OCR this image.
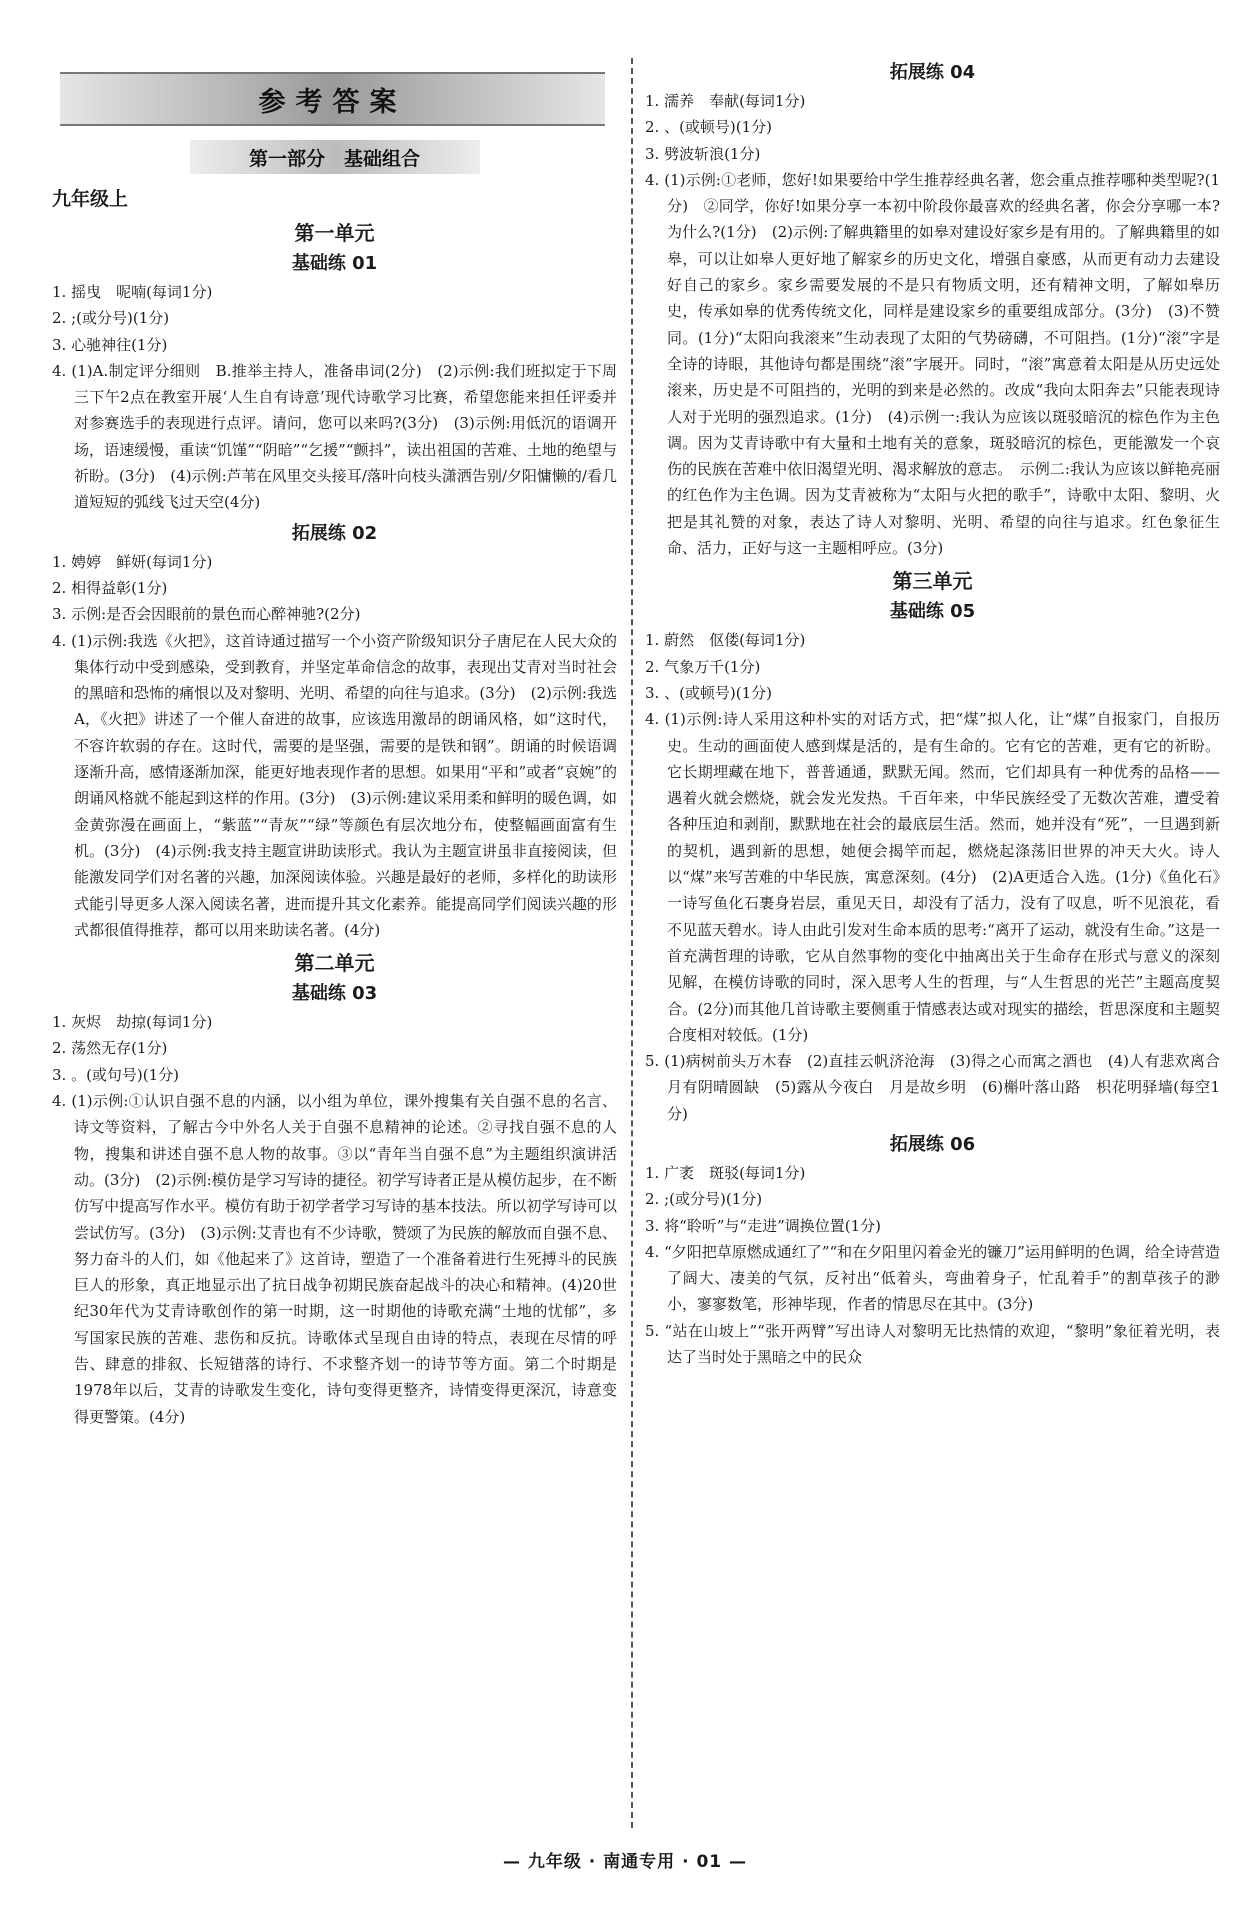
参考答案
第一部分　基础组合
九年级上
第一单元
基础练 01

1. 摇曳　呢喃(每词1分)

2. ;(或分号)(1分)

3. 心驰神往(1分)

4. (1)A.制定评分细则　B.推举主持人，准备串词(2分)　(2)示例:我们班拟定于下周三下午2点在教室开展‘人生自有诗意’现代诗歌学习比赛，希望您能来担任评委并对参赛选手的表现进行点评。请问，您可以来吗?(3分)　(3)示例:用低沉的语调开场，语速缓慢，重读“饥馑”“阴暗”“乞援”“颤抖”，读出祖国的苦难、土地的绝望与祈盼。(3分)　(4)示例:芦苇在风里交头接耳/落叶向枝头潇洒告别/夕阳慵懒的/看几道短短的弧线飞过天空(4分)

拓展练 02

1. 娉婷　鲜妍(每词1分)

2. 相得益彰(1分)

3. 示例:是否会因眼前的景色而心醉神驰?(2分)

4. (1)示例:我选《火把》，这首诗通过描写一个小资产阶级知识分子唐尼在人民大众的集体行动中受到感染，受到教育，并坚定革命信念的故事，表现出艾青对当时社会的黑暗和恐怖的痛恨以及对黎明、光明、希望的向往与追求。(3分)　(2)示例:我选A，《火把》讲述了一个催人奋进的故事，应该选用激昂的朗诵风格，如“这时代，不容许软弱的存在。这时代，需要的是坚强，需要的是铁和钢”。朗诵的时候语调逐渐升高，感情逐渐加深，能更好地表现作者的思想。如果用“平和”或者“哀婉”的朗诵风格就不能起到这样的作用。(3分)　(3)示例:建议采用柔和鲜明的暖色调，如金黄弥漫在画面上，“紫蓝”“青灰”“绿”等颜色有层次地分布，使整幅画面富有生机。(3分)　(4)示例:我支持主题宣讲助读形式。我认为主题宣讲虽非直接阅读，但能激发同学们对名著的兴趣，加深阅读体验。兴趣是最好的老师，多样化的助读形式能引导更多人深入阅读名著，进而提升其文化素养。能提高同学们阅读兴趣的形式都很值得推荐，都可以用来助读名著。(4分)

第二单元
基础练 03

1. 灰烬　劫掠(每词1分)

2. 荡然无存(1分)

3. 。(或句号)(1分)

4. (1)示例:①认识自强不息的内涵，以小组为单位，课外搜集有关自强不息的名言、诗文等资料，了解古今中外名人关于自强不息精神的论述。②寻找自强不息的人物，搜集和讲述自强不息人物的故事。③以“青年当自强不息”为主题组织演讲活动。(3分)　(2)示例:模仿是学习写诗的捷径。初学写诗者正是从模仿起步，在不断仿写中提高写作水平。模仿有助于初学者学习写诗的基本技法。所以初学写诗可以尝试仿写。(3分)　(3)示例:艾青也有不少诗歌，赞颂了为民族的解放而自强不息、努力奋斗的人们，如《他起来了》这首诗，塑造了一个准备着进行生死搏斗的民族巨人的形象，真正地显示出了抗日战争初期民族奋起战斗的决心和精神。(4)20世纪30年代为艾青诗歌创作的第一时期，这一时期他的诗歌充满“土地的忧郁”，多写国家民族的苦难、悲伤和反抗。诗歌体式呈现自由诗的特点，表现在尽情的呼告、肆意的排叙、长短错落的诗行、不求整齐划一的诗节等方面。第二个时期是1978年以后，艾青的诗歌发生变化，诗句变得更整齐，诗情变得更深沉，诗意变得更警策。(4分)

拓展练 04

1. 濡养　奉献(每词1分)

2. 、(或顿号)(1分)

3. 劈波斩浪(1分)

4. (1)示例:①老师，您好!如果要给中学生推荐经典名著，您会重点推荐哪种类型呢?(1分)　②同学，你好!如果分享一本初中阶段你最喜欢的经典名著，你会分享哪一本?为什么?(1分)　(2)示例:了解典籍里的如皋对建设好家乡是有用的。了解典籍里的如皋，可以让如皋人更好地了解家乡的历史文化，增强自豪感，从而更有动力去建设好自己的家乡。家乡需要发展的不是只有物质文明，还有精神文明，了解如皋历史，传承如皋的优秀传统文化，同样是建设家乡的重要组成部分。(3分)　(3)不赞同。(1分)“太阳向我滚来”生动表现了太阳的气势磅礴，不可阻挡。(1分)“滚”字是全诗的诗眼，其他诗句都是围绕“滚”字展开。同时，“滚”寓意着太阳是从历史远处滚来，历史是不可阻挡的，光明的到来是必然的。改成“我向太阳奔去”只能表现诗人对于光明的强烈追求。(1分)　(4)示例一:我认为应该以斑驳暗沉的棕色作为主色调。因为艾青诗歌中有大量和土地有关的意象，斑驳暗沉的棕色，更能激发一个哀伤的民族在苦难中依旧渴望光明、渴求解放的意志。　示例二:我认为应该以鲜艳亮丽的红色作为主色调。因为艾青被称为“太阳与火把的歌手”，诗歌中太阳、黎明、火把是其礼赞的对象，表达了诗人对黎明、光明、希望的向往与追求。红色象征生命、活力，正好与这一主题相呼应。(3分)

第三单元
基础练 05

1. 蔚然　伛偻(每词1分)

2. 气象万千(1分)

3. 、(或顿号)(1分)

4. (1)示例:诗人采用这种朴实的对话方式，把“煤”拟人化，让“煤”自报家门，自报历史。生动的画面使人感到煤是活的，是有生命的。它有它的苦难，更有它的祈盼。它长期埋藏在地下，普普通通，默默无闻。然而，它们却具有一种优秀的品格——遇着火就会燃烧，就会发光发热。千百年来，中华民族经受了无数次苦难，遭受着各种压迫和剥削，默默地在社会的最底层生活。然而，她并没有“死”，一旦遇到新的契机，遇到新的思想，她便会揭竿而起，燃烧起涤荡旧世界的冲天大火。诗人以“煤”来写苦难的中华民族，寓意深刻。(4分)　(2)A更适合入选。(1分)《鱼化石》一诗写鱼化石裹身岩层，重见天日，却没有了活力，没有了叹息，听不见浪花，看不见蓝天碧水。诗人由此引发对生命本质的思考:“离开了运动，就没有生命。”这是一首充满哲理的诗歌，它从自然事物的变化中抽离出关于生命存在形式与意义的深刻见解，在模仿诗歌的同时，深入思考人生的哲理，与“人生哲思的光芒”主题高度契合。(2分)而其他几首诗歌主要侧重于情感表达或对现实的描绘，哲思深度和主题契合度相对较低。(1分)

5. (1)病树前头万木春　(2)直挂云帆济沧海　(3)得之心而寓之酒也　(4)人有悲欢离合　月有阴晴圆缺　(5)露从今夜白　月是故乡明　(6)槲叶落山路　枳花明驿墙(每空1分)

拓展练 06

1. 广袤　斑驳(每词1分)

2. ;(或分号)(1分)

3. 将“聆听”与“走进”调换位置(1分)

4. “夕阳把草原燃成通红了”“和在夕阳里闪着金光的镰刀”运用鲜明的色调，给全诗营造了阔大、凄美的气氛，反衬出“低着头，弯曲着身子，忙乱着手”的割草孩子的渺小，寥寥数笔，形神毕现，作者的情思尽在其中。(3分)

5. “站在山坡上”“张开两臂”写出诗人对黎明无比热情的欢迎，“黎明”象征着光明，表达了当时处于黑暗之中的民众

— 九年级 · 南通专用 · 01 —
